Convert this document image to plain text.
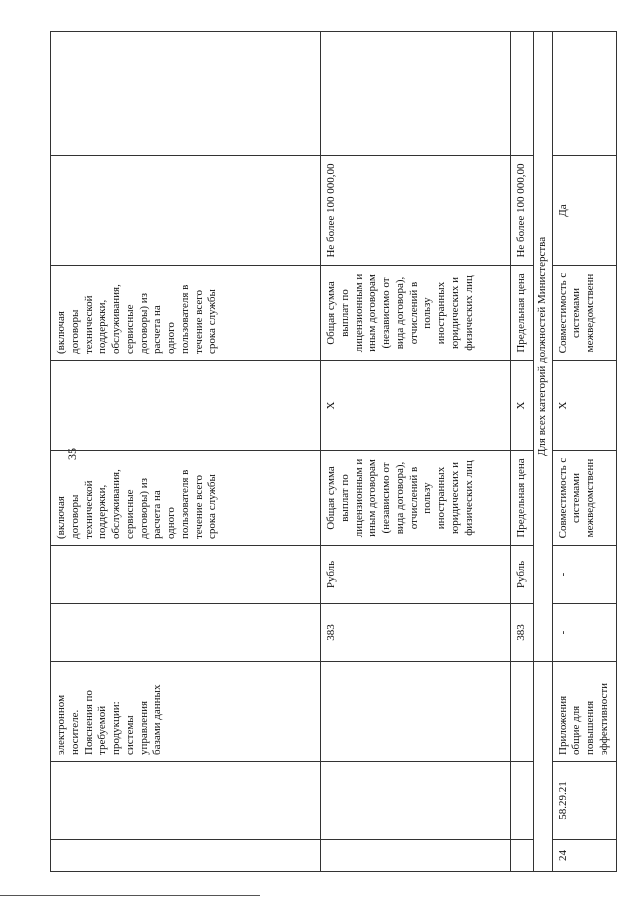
35
		электронном носителе. Пояснения по требуемой продукции: системы управления базами данных			(включая договоры технической поддержки, обслуживания, сервисные договоры) из расчета на одного пользователя в течение всего срока службы		(включая договоры технической поддержки, обслуживания, сервисные договоры) из расчета на одного пользователя в течение всего срока службы		
			383	Рубль	Общая сумма выплат по лицензионным и иным договорам (независимо от вида договора), отчислений в пользу иностранных юридических и физических лиц	X	Общая сумма выплат по лицензионным и иным договорам (независимо от вида договора), отчислений в пользу иностранных юридических и физических лиц	Не более 100 000,00	
			383	Рубль	Предельная цена	X	Предельная цена	Не более 100 000,00	
			Для всех категорий должностей Министерства						
24	58.29.21	Приложения общие для повышения эффективности	-	-	Совместимость с системами межведомственн	X	Совместимость с системами межведомственн	Да	
